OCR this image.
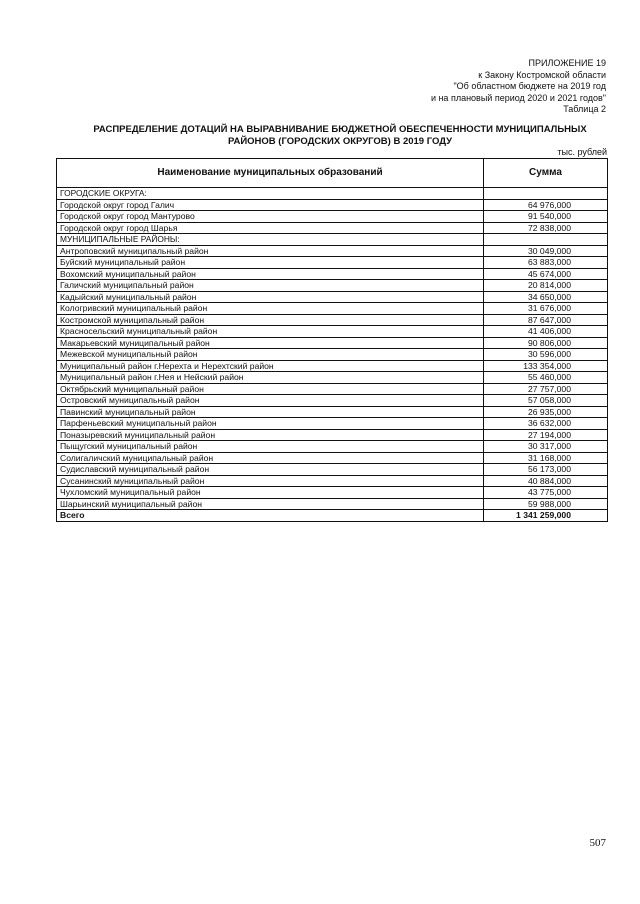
ПРИЛОЖЕНИЕ 19
к Закону Костромской области
"Об областном бюджете на 2019 год
и на плановый период 2020 и 2021 годов"
Таблица 2
РАСПРЕДЕЛЕНИЕ ДОТАЦИЙ НА ВЫРАВНИВАНИЕ БЮДЖЕТНОЙ ОБЕСПЕЧЕННОСТИ МУНИЦИПАЛЬНЫХ
РАЙОНОВ (ГОРОДСКИХ ОКРУГОВ) В 2019 ГОДУ
тыс. рублей
Наименование муниципальных образований	Сумма
ГОРОДСКИЕ ОКРУГА:	
Городской округ город Галич	64 976,000
Городской округ город Мантурово	91 540,000
Городской округ город Шарья	72 838,000
МУНИЦИПАЛЬНЫЕ РАЙОНЫ:	
Антроповский муниципальный район	30 049,000
Буйский муниципальный район	63 883,000
Вохомский муниципальный район	45 674,000
Галичский муниципальный район	20 814,000
Кадыйский муниципальный район	34 650,000
Кологривский муниципальный район	31 676,000
Костромской муниципальный район	87 647,000
Красносельский муниципальный район	41 406,000
Макарьевский муниципальный район	90 806,000
Межевской муниципальный район	30 596,000
Муниципальный район г.Нерехта и Нерехтский район	133 354,000
Муниципальный район г.Нея и Нейский район	55 460,000
Октябрьский муниципальный район	27 757,000
Островский муниципальный район	57 058,000
Павинский муниципальный район	26 935,000
Парфеньевский муниципальный район	36 632,000
Поназыревский муниципальный район	27 194,000
Пыщугский муниципальный район	30 317,000
Солигаличский муниципальный район	31 168,000
Судиславский муниципальный район	56 173,000
Сусанинский муниципальный район	40 884,000
Чухломский муниципальный район	43 775,000
Шарьинский муниципальный район	59 988,000
Всего	1 341 259,000
507
